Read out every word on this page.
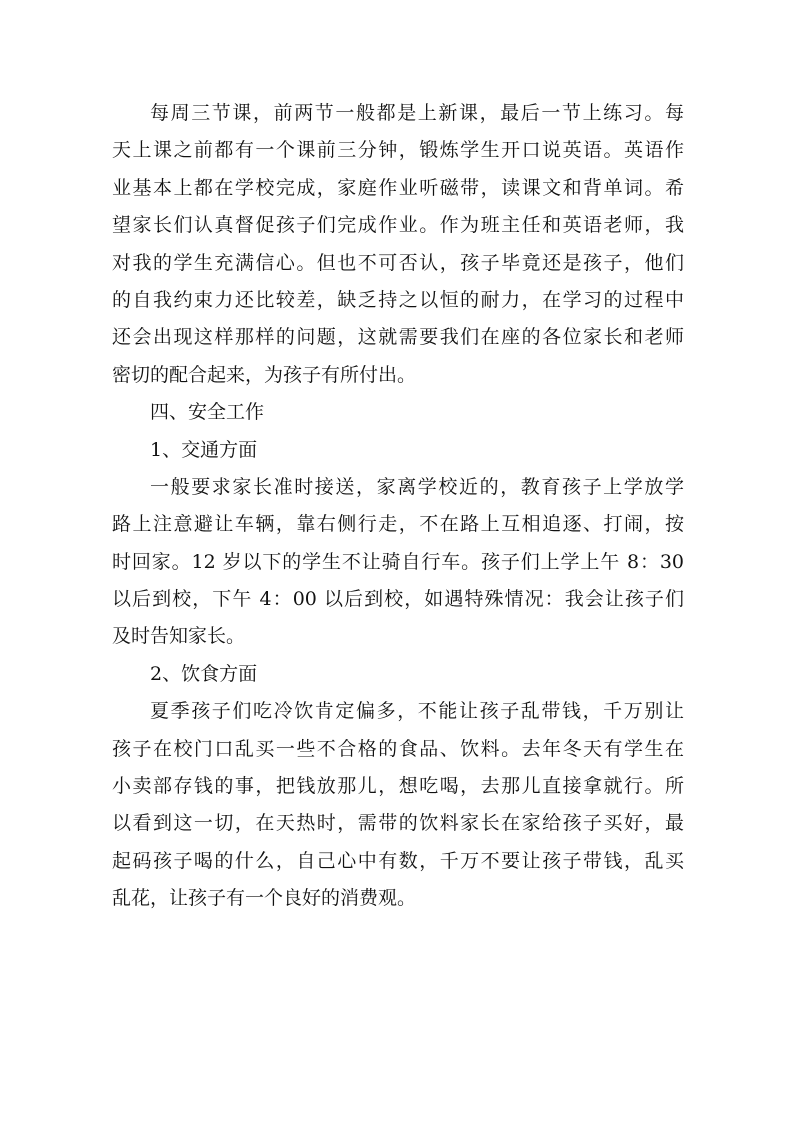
每周三节课，前两节一般都是上新课，最后一节上练习。每
天上课之前都有一个课前三分钟，锻炼学生开口说英语。英语作
业基本上都在学校完成，家庭作业听磁带，读课文和背单词。希
望家长们认真督促孩子们完成作业。作为班主任和英语老师，我
对我的学生充满信心。但也不可否认，孩子毕竟还是孩子，他们
的自我约束力还比较差，缺乏持之以恒的耐力，在学习的过程中
还会出现这样那样的问题，这就需要我们在座的各位家长和老师
密切的配合起来，为孩子有所付出。
四、安全工作
1、交通方面
一般要求家长准时接送，家离学校近的，教育孩子上学放学
路上注意避让车辆，靠右侧行走，不在路上互相追逐、打闹，按
时回家。12 岁以下的学生不让骑自行车。孩子们上学上午 8：30
以后到校，下午 4：00 以后到校，如遇特殊情况：我会让孩子们
及时告知家长。
2、饮食方面
夏季孩子们吃冷饮肯定偏多，不能让孩子乱带钱，千万别让
孩子在校门口乱买一些不合格的食品、饮料。去年冬天有学生在
小卖部存钱的事，把钱放那儿，想吃喝，去那儿直接拿就行。所
以看到这一切，在天热时，需带的饮料家长在家给孩子买好，最
起码孩子喝的什么，自己心中有数，千万不要让孩子带钱，乱买
乱花，让孩子有一个良好的消费观。
